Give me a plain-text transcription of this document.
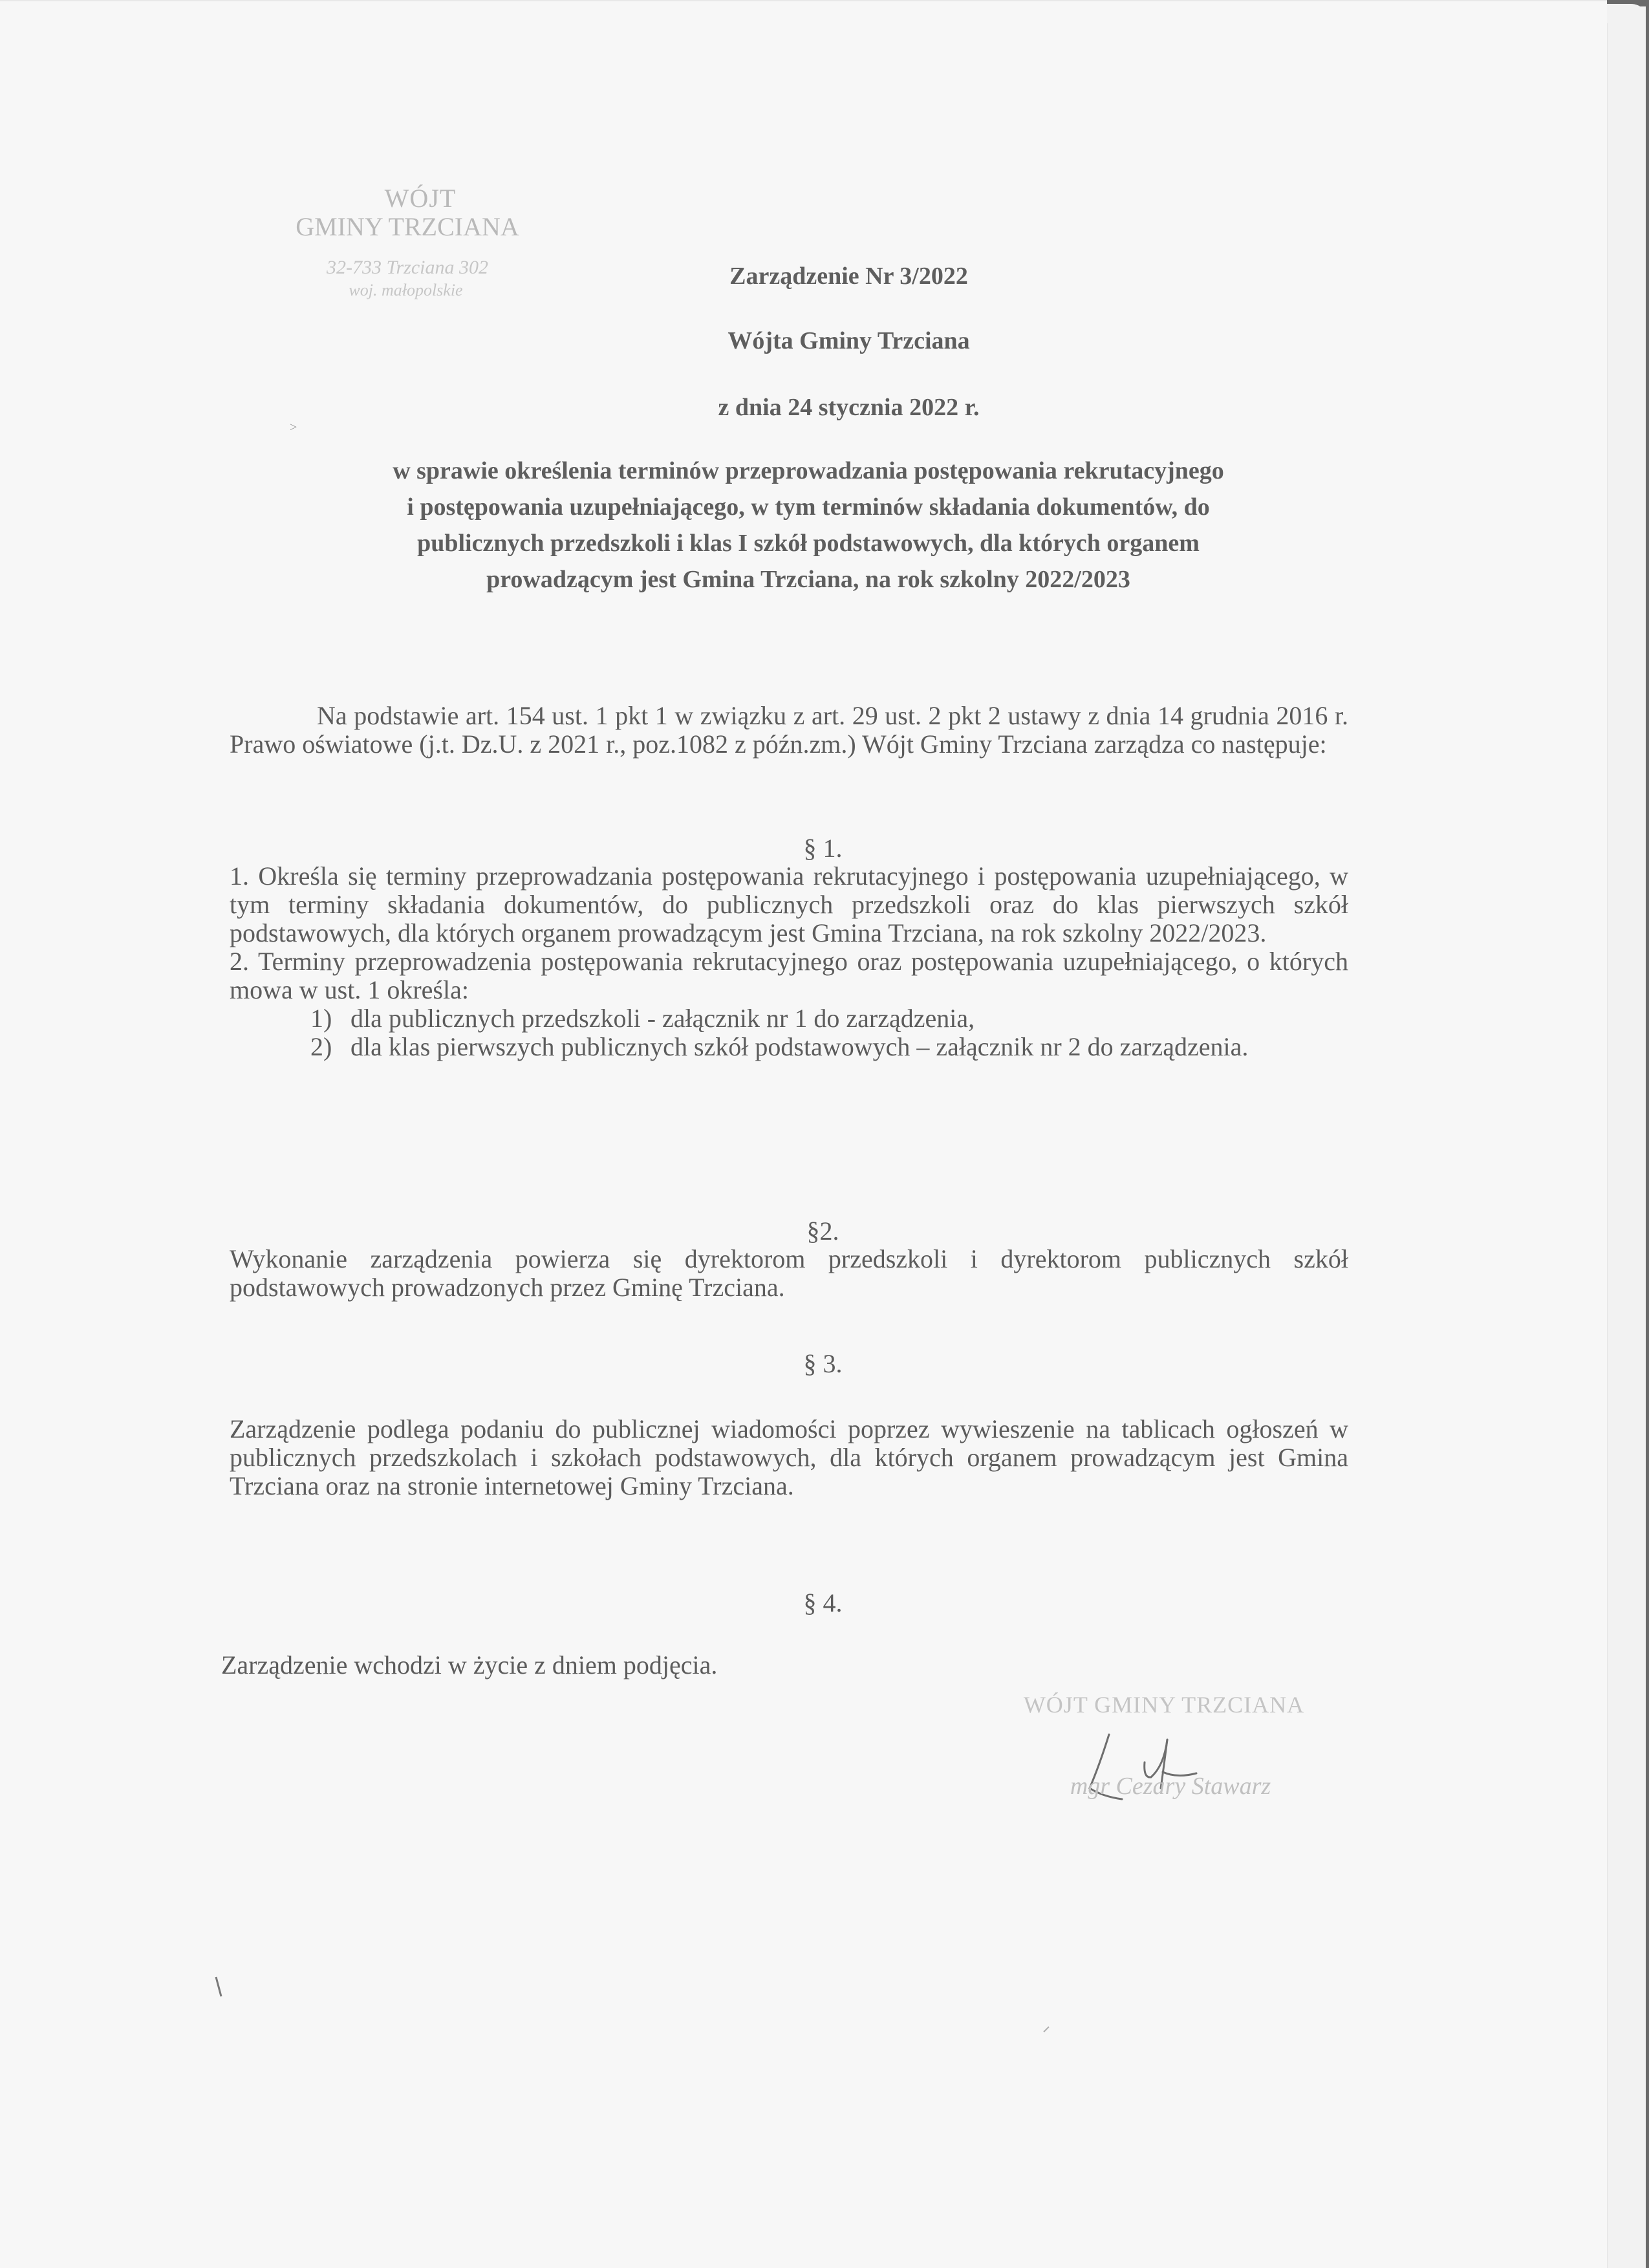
WÓJT
GMINY TRZCIANA
32-733 Trzciana 302
woj. małopolskie
Zarządzenie Nr 3/2022
Wójta Gminy Trzciana
z dnia 24 stycznia 2022 r.
>
w sprawie określenia terminów przeprowadzania postępowania rekrutacyjnego
i postępowania uzupełniającego, w tym terminów składania dokumentów, do
publicznych przedszkoli i klas I szkół podstawowych, dla których organem
prowadzącym jest Gmina Trzciana, na rok szkolny 2022/2023

Na podstawie art. 154 ust. 1 pkt 1 w związku z art. 29 ust. 2 pkt 2 ustawy z dnia 14 grudnia 2016 r. Prawo oświatowe (j.t. Dz.U. z 2021 r., poz.1082 z późn.zm.) Wójt Gminy Trzciana zarządza co następuje:

§ 1.

1. Określa się terminy przeprowadzania postępowania rekrutacyjnego i postępowania uzupełniającego, w tym terminy składania dokumentów, do publicznych przedszkoli oraz do klas pierwszych szkół podstawowych, dla których organem prowadzącym jest Gmina Trzciana, na rok szkolny 2022/2023.

2. Terminy przeprowadzenia postępowania rekrutacyjnego oraz postępowania uzupełniającego, o których mowa w ust. 1 określa:

1) dla publicznych przedszkoli - załącznik nr 1 do zarządzenia,
2) dla klas pierwszych publicznych szkół podstawowych – załącznik nr 2 do zarządzenia.
§2.

Wykonanie zarządzenia powierza się dyrektorom przedszkoli i dyrektorom publicznych szkół podstawowych prowadzonych przez Gminę Trzciana.

§ 3.

Zarządzenie podlega podaniu do publicznej wiadomości poprzez wywieszenie na tablicach ogłoszeń w publicznych przedszkolach i szkołach podstawowych, dla których organem prowadzącym jest Gmina Trzciana oraz na stronie internetowej Gminy Trzciana.

§ 4.

Zarządzenie wchodzi w życie z dniem podjęcia.

WÓJT GMINY TRZCIANA
mgr Cezary Stawarz
